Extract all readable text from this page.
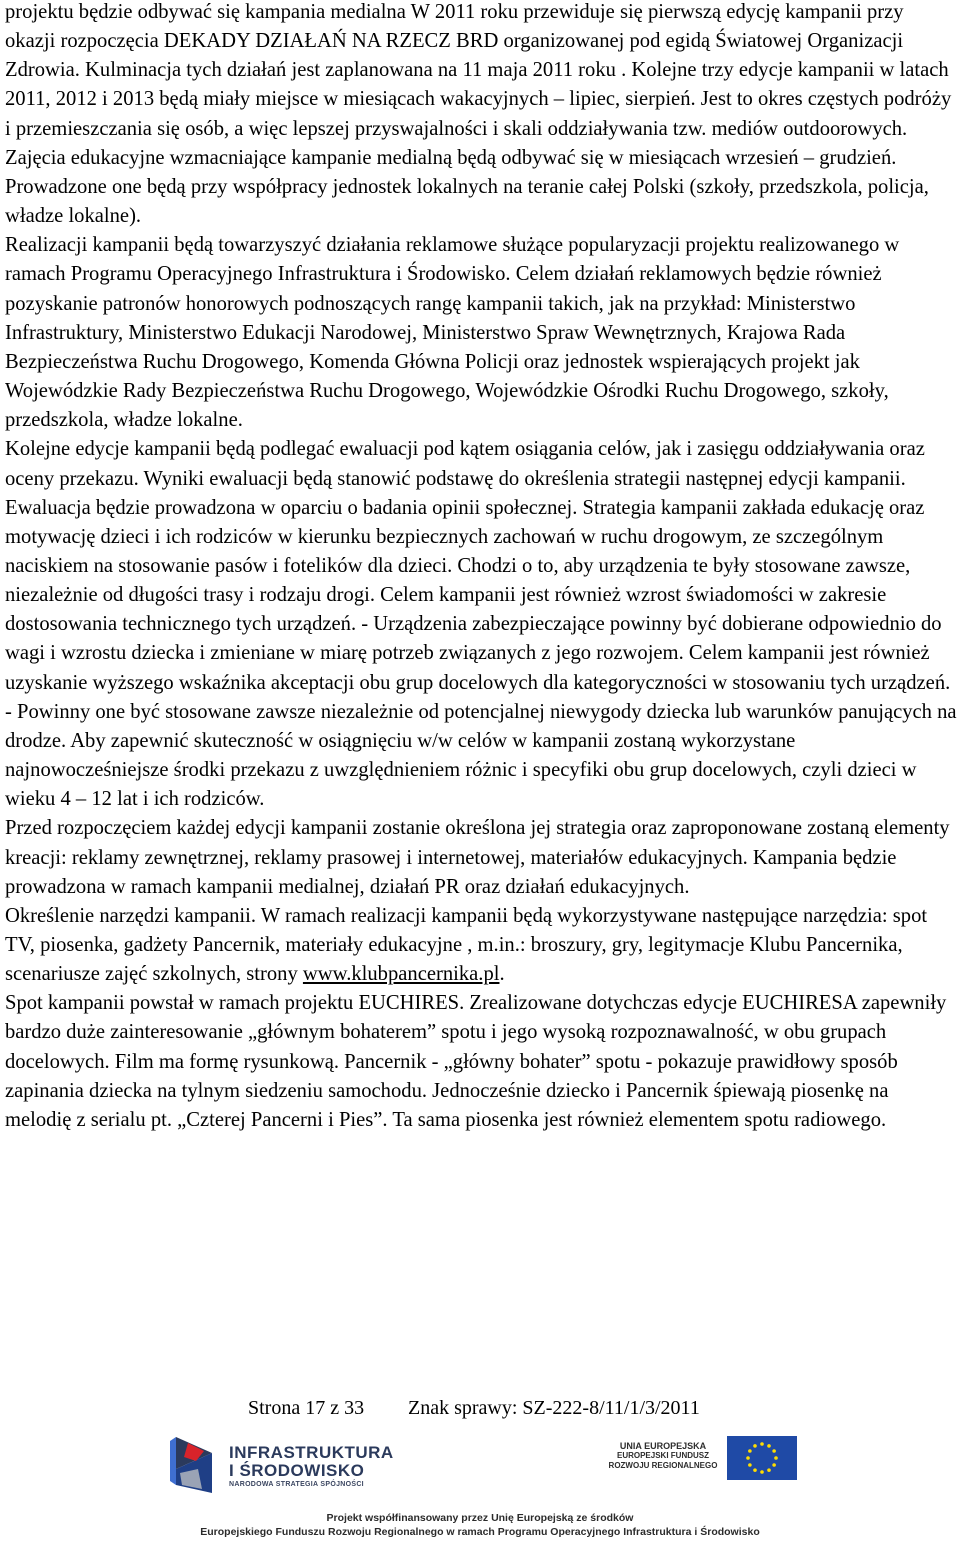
projektu będzie odbywać się kampania medialna W 2011 roku przewiduje się pierwszą edycję kampanii przy okazji rozpoczęcia DEKADY DZIAŁAŃ NA RZECZ BRD organizowanej pod egidą Światowej Organizacji Zdrowia. Kulminacja tych działań jest zaplanowana na 11 maja 2011 roku . Kolejne trzy edycje kampanii w latach 2011, 2012 i 2013 będą miały miejsce w miesiącach wakacyjnych – lipiec, sierpień. Jest to okres częstych podróży i przemieszczania się osób, a więc lepszej przyswajalności i skali oddziaływania tzw. mediów outdoorowych. Zajęcia edukacyjne wzmacniające kampanie medialną będą odbywać się w miesiącach wrzesień – grudzień. Prowadzone one będą przy współpracy jednostek lokalnych na teranie całej Polski (szkoły, przedszkola, policja, władze lokalne).

Realizacji kampanii będą towarzyszyć działania reklamowe służące popularyzacji projektu realizowanego w ramach Programu Operacyjnego Infrastruktura i Środowisko. Celem działań reklamowych będzie również pozyskanie patronów honorowych podnoszących rangę kampanii takich, jak na przykład: Ministerstwo Infrastruktury, Ministerstwo Edukacji Narodowej, Ministerstwo Spraw Wewnętrznych, Krajowa Rada Bezpieczeństwa Ruchu Drogowego, Komenda Główna Policji oraz jednostek wspierających projekt jak Wojewódzkie Rady Bezpieczeństwa Ruchu Drogowego, Wojewódzkie Ośrodki Ruchu Drogowego, szkoły, przedszkola, władze lokalne.

Kolejne edycje kampanii będą podlegać ewaluacji pod kątem osiągania celów, jak i zasięgu oddziaływania oraz oceny przekazu. Wyniki ewaluacji będą stanowić podstawę do określenia strategii następnej edycji kampanii. Ewaluacja będzie prowadzona w oparciu o badania opinii społecznej. Strategia kampanii zakłada edukację oraz motywację dzieci i ich rodziców w kierunku bezpiecznych zachowań w ruchu drogowym, ze szczególnym naciskiem na stosowanie pasów i fotelików dla dzieci. Chodzi o to, aby urządzenia te były stosowane zawsze, niezależnie od długości trasy i rodzaju drogi. Celem kampanii jest również wzrost świadomości w zakresie dostosowania technicznego tych urządzeń. - Urządzenia zabezpieczające powinny być dobierane odpowiednio do wagi i wzrostu dziecka i zmieniane w miarę potrzeb związanych z jego rozwojem. Celem kampanii jest również uzyskanie wyższego wskaźnika akceptacji obu grup docelowych dla kategoryczności w stosowaniu tych urządzeń. - Powinny one być stosowane zawsze niezależnie od potencjalnej niewygody dziecka lub warunków panujących na drodze. Aby zapewnić skuteczność w osiągnięciu w/w celów w kampanii zostaną wykorzystane najnowocześniejsze środki przekazu z uwzględnieniem różnic i specyfiki obu grup docelowych, czyli dzieci w wieku 4 – 12 lat i ich rodziców.

Przed rozpoczęciem każdej edycji kampanii zostanie określona jej strategia oraz zaproponowane zostaną elementy kreacji: reklamy zewnętrznej, reklamy prasowej i internetowej, materiałów edukacyjnych. Kampania będzie prowadzona w ramach kampanii medialnej, działań PR oraz działań edukacyjnych.

Określenie narzędzi kampanii. W ramach realizacji kampanii będą wykorzystywane następujące narzędzia: spot TV, piosenka, gadżety Pancernik, materiały edukacyjne , m.in.: broszury, gry, legitymacje Klubu Pancernika, scenariusze zajęć szkolnych, strony www.klubpancernika.pl.

Spot kampanii powstał w ramach projektu EUCHIRES. Zrealizowane dotychczas edycje EUCHIRESA zapewniły bardzo duże zainteresowanie „głównym bohaterem” spotu i jego wysoką rozpoznawalność, w obu grupach docelowych. Film ma formę rysunkową. Pancernik - „główny bohater” spotu - pokazuje prawidłowy sposób zapinania dziecka na tylnym siedzeniu samochodu. Jednocześnie dziecko i Pancernik śpiewają piosenkę na melodię z serialu pt. „Czterej Pancerni i Pies”. Ta sama piosenka jest również elementem spotu radiowego.

Strona 17 z 33 Znak sprawy: SZ-222-8/11/1/3/2011
INFRASTRUKTURA
I ŚRODOWISKO
NARODOWA STRATEGIA SPÓJNOŚCI
UNIA EUROPEJSKA
EUROPEJSKI FUNDUSZ
ROZWOJU REGIONALNEGO
Projekt współfinansowany przez Unię Europejską ze środków
Europejskiego Funduszu Rozwoju Regionalnego w ramach Programu Operacyjnego Infrastruktura i Środowisko
